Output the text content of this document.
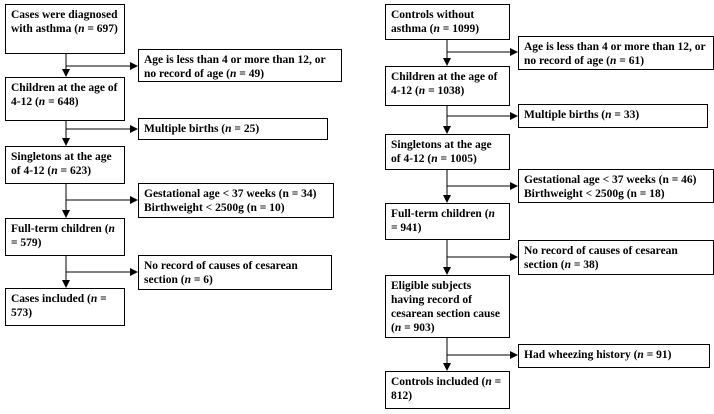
Cases were diagnosed with asthma (n = 697)
Age is less than 4 or more than 12, or no record of age (n = 49)
Children at the age of 4-12 (n = 648)
Multiple births (n = 25)
Singletons at the age of 4-12 (n = 623)
Gestational age < 37 weeks (n = 34)
Birthweight < 2500g (n = 10)
Full-term children (n = 579)
No record of causes of cesarean section (n = 6)
Cases included (n = 573)
Controls without asthma (n = 1099)
Age is less than 4 or more than 12, or no record of age (n = 61)
Children at the age of 4-12 (n = 1038)
Multiple births (n = 33)
Singletons at the age of 4-12 (n = 1005)
Gestational age < 37 weeks (n = 46)
Birthweight < 2500g (n = 18)
Full-term children (n = 941)
No record of causes of cesarean section (n = 38)
Eligible subjects having record of cesarean section cause (n = 903)
Had wheezing history (n = 91)
Controls included (n = 812)
